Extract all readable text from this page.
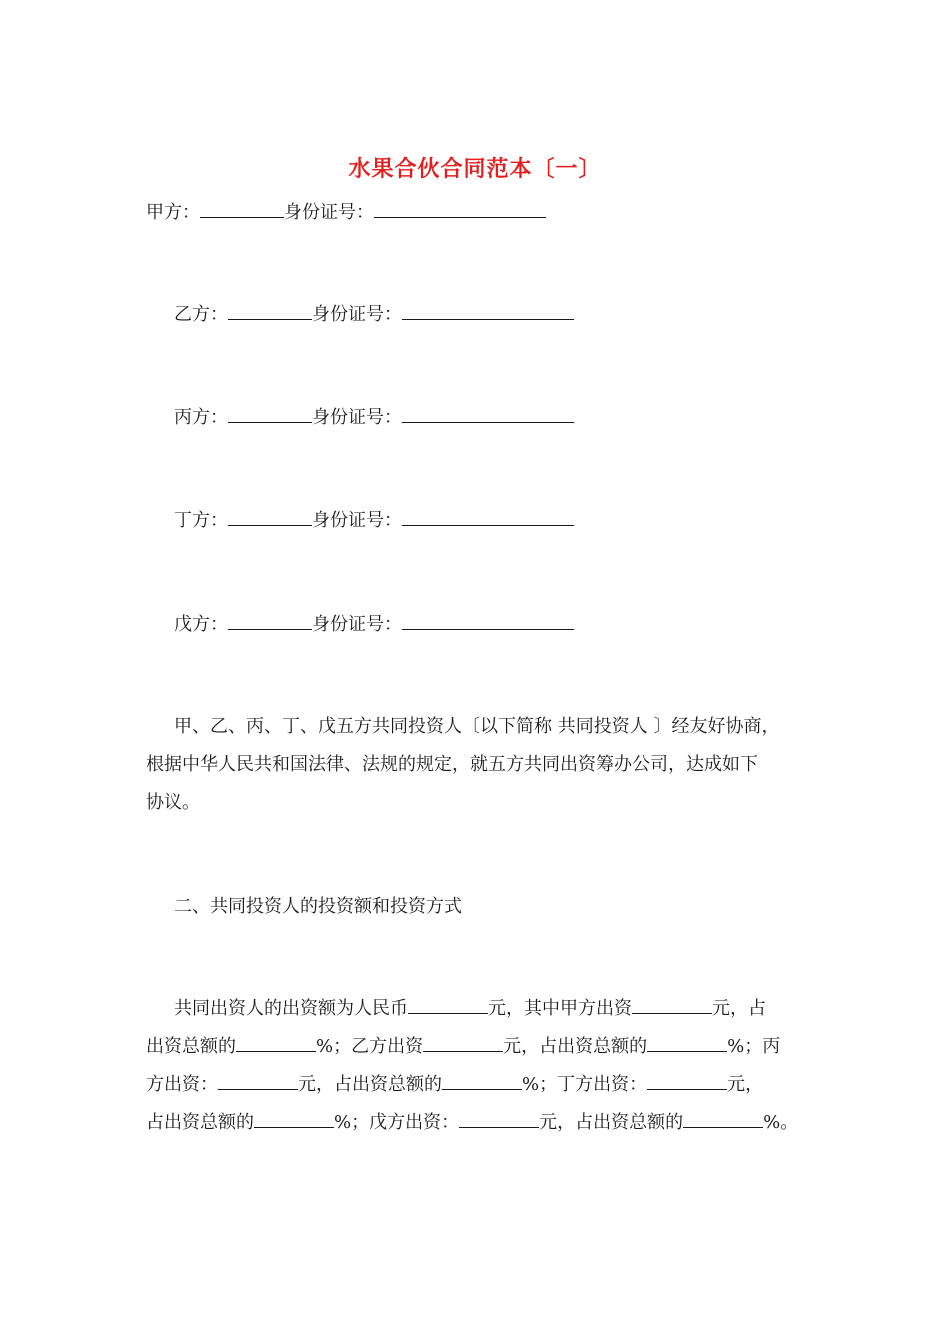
水果合伙合同范本〔一〕
甲方：	身份证号：
乙方：	身份证号：
丙方：	身份证号：
丁方：	身份证号：
戊方：	身份证号：
甲、乙、丙、丁、戊五方共同投资人〔以下简称 共同投资人 〕经友好协商，
根据中华人民共和国法律、法规的规定，就五方共同出资筹办公司，达成如下
协议。
二、共同投资人的投资额和投资方式
共同出资人的出资额为人民币	元，其中甲方出资	元，占
出资总额的	%；乙方出资	元，占出资总额的	%；丙
方出资：	元，占出资总额的	%；丁方出资：	元，
占出资总额的	%；戊方出资：	元，占出资总额的	%。
